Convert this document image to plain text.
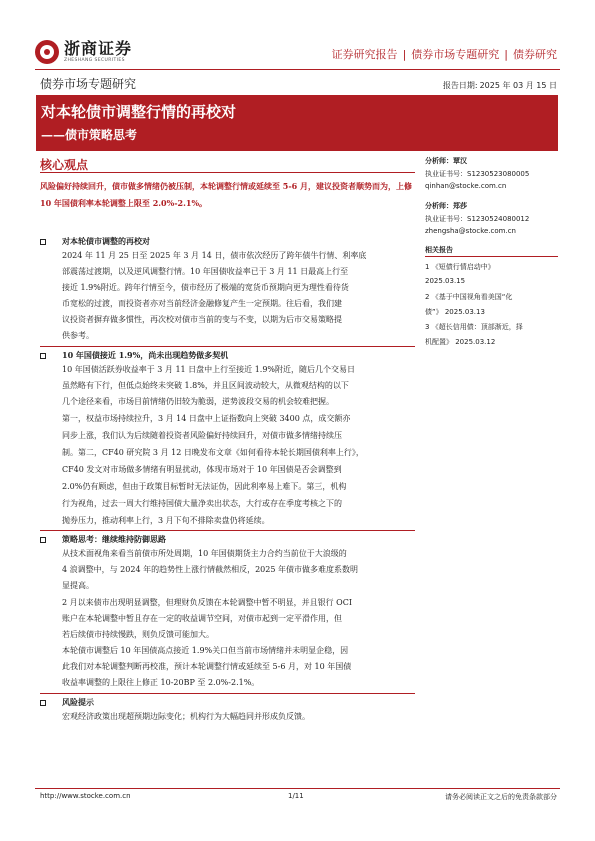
浙商证券
ZHESHANG SECURITIES	证券研究报告 | 债券市场专题研究 | 债券研究
债券市场专题研究	报告日期: 2025 年 03 月 15 日
对本轮债市调整行情的再校对
——债市策略思考
核心观点
风险偏好持续回升，债市做多情绪仍被压制，本轮调整行情或延续至 5-6 月，建议投资者顺势而为，上修 10 年国债利率本轮调整上限至 2.0%-2.1%。
对本轮债市调整的再校对
2024 年 11 月 25 日至 2025 年 3 月 14 日，债市依次经历了跨年债牛行情、利率底
部震荡过渡期，以及逆风调整行情。10 年国债收益率已于 3 月 11 日最高上行至
接近 1.9%附近。跨年行情至今，债市经历了极端的宽货币预期向更为理性看待货
币宽松的过渡，而投资者亦对当前经济金融修复产生一定预期。往后看，我们建
议投资者摒弃做多惯性，再次校对债市当前的变与不变，以期为后市交易策略提
供参考。
10 年国债接近 1.9%，尚未出现趋势做多契机
10 年国债活跃券收益率于 3 月 11 日盘中上行至接近 1.9%附近，随后几个交易日
虽然略有下行，但低点始终未突破 1.8%，并且区间波动较大，从微观结构的以下
几个途径来看，市场目前情绪仍旧较为脆弱，逆势波段交易的机会较难把握。
第一，权益市场持续拉升，3 月 14 日盘中上证指数向上突破 3400 点，成交额亦
同步上涨，我们认为后续随着投资者风险偏好持续回升，对债市做多情绪持续压
制。第二，CF40 研究院 3 月 12 日晚发布文章《如何看待本轮长期国债利率上行》，
CF40 发文对市场做多情绪有明显扰动，体现市场对于 10 年国债是否会调整到
2.0%仍有顾虑，但由于政策目标暂时无法证伪，因此利率易上难下。第三，机构
行为视角，过去一周大行维持国债大量净卖出状态，大行或存在季度考核之下的
抛券压力，推动利率上行，3 月下旬不排除卖盘仍将延续。
策略思考：继续维持防御思路
从技术面视角来看当前债市所处周期，10 年国债期货主力合约当前位于大浪级的
4 浪调整中，与 2024 年的趋势性上涨行情截然相反，2025 年债市做多难度系数明
显提高。
2 月以来债市出现明显调整，但理财负反馈在本轮调整中暂不明显，并且银行 OCI
账户在本轮调整中暂且存在一定的收益调节空间，对债市起到一定平滑作用，但
若后续债市持续慢跌，则负反馈可能加大。
本轮债市调整后 10 年国债高点接近 1.9%关口但当前市场情绪并未明显企稳，因
此我们对本轮调整判断再校准，预计本轮调整行情或延续至 5-6 月，对 10 年国债
收益率调整的上限往上修正 10-20BP 至 2.0%-2.1%。
风险提示
宏观经济政策出现超预期边际变化；机构行为大幅趋同并形成负反馈。
分析师：覃汉
执业证书号：S1230523080005
qinhan@stocke.com.cn
分析师：郑莎
执业证书号：S1230524080012
zhengsha@stocke.com.cn
相关报告
1 《短债行情启动中》
2025.03.15
2 《基于中国视角看美国“化
债”》 2025.03.13
3 《超长信用债：顶部渐近，择
机配置》 2025.03.12
http://www.stocke.com.cn	1/11	请务必阅读正文之后的免责条款部分
